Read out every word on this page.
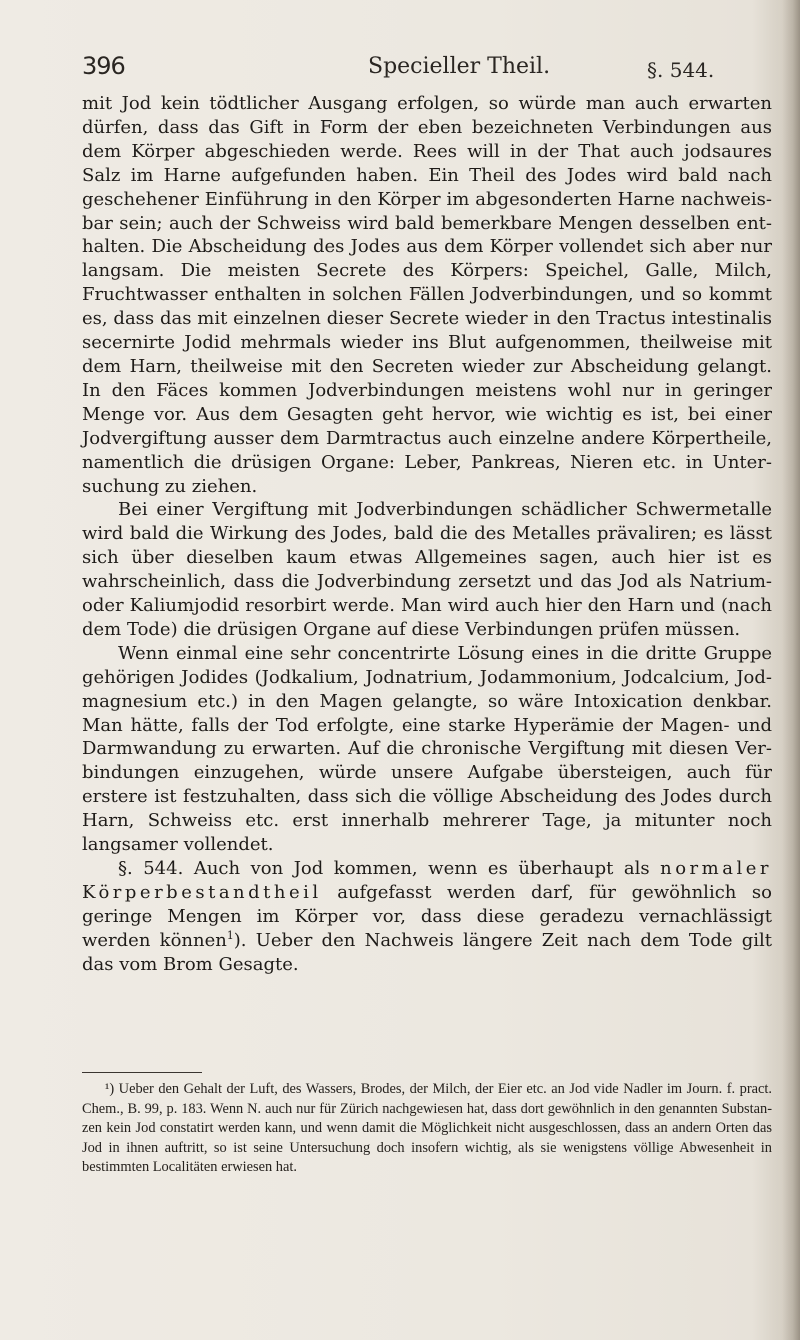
396	Specieller Theil.	§. 544.

mit Jod kein tödtlicher Ausgang erfolgen, so würde man auch erwarten dürfen, dass das Gift in Form der eben bezeichneten Verbindungen aus dem Körper abgeschieden werde. Rees will in der That auch jodsaures Salz im Harne aufgefunden haben. Ein Theil des Jodes wird bald nach geschehener Einführung in den Körper im abgesonderten Harne nachweisbar sein; auch der Schweiss wird bald bemerkbare Mengen desselben enthalten. Die Abscheidung des Jodes aus dem Körper vollendet sich aber nur langsam. Die meisten Secrete des Körpers: Speichel, Galle, Milch, Fruchtwasser enthalten in solchen Fällen Jodverbindungen, und so kommt es, dass das mit einzelnen dieser Secrete wieder in den Tractus intestinalis secernirte Jodid mehrmals wieder ins Blut aufgenommen, theilweise mit dem Harn, theilweise mit den Secreten wieder zur Abscheidung gelangt. In den Fäces kommen Jodverbindungen meistens wohl nur in geringer Menge vor. Aus dem Gesagten geht hervor, wie wichtig es ist, bei einer Jodvergiftung ausser dem Darmtractus auch einzelne andere Körpertheile, namentlich die drüsigen Organe: Leber, Pankreas, Nieren etc. in Untersuchung zu ziehen.

Bei einer Vergiftung mit Jodverbindungen schädlicher Schwermetalle wird bald die Wirkung des Jodes, bald die des Metalles prävaliren; es lässt sich über dieselben kaum etwas Allgemeines sagen, auch hier ist es wahrscheinlich, dass die Jodverbindung zersetzt und das Jod als Natrium- oder Kaliumjodid resorbirt werde. Man wird auch hier den Harn und (nach dem Tode) die drüsigen Organe auf diese Verbindungen prüfen müssen.

Wenn einmal eine sehr concentrirte Lösung eines in die dritte Gruppe gehörigen Jodides (Jodkalium, Jodnatrium, Jodammonium, Jodcalcium, Jodmagnesium etc.) in den Magen gelangte, so wäre Intoxication denkbar. Man hätte, falls der Tod erfolgte, eine starke Hyperämie der Magen- und Darmwandung zu erwarten. Auf die chronische Vergiftung mit diesen Verbindungen einzugehen, würde unsere Aufgabe übersteigen, auch für erstere ist festzuhalten, dass sich die völlige Abscheidung des Jodes durch Harn, Schweiss etc. erst innerhalb mehrerer Tage, ja mitunter noch langsamer vollendet.

§. 544. Auch von Jod kommen, wenn es überhaupt als normaler Körperbestandtheil aufgefasst werden darf, für gewöhnlich so geringe Mengen im Körper vor, dass diese geradezu vernachlässigt werden können$^1$). Ueber den Nachweis längere Zeit nach dem Tode gilt das vom Brom Gesagte.

¹) Ueber den Gehalt der Luft, des Wassers, Brodes, der Milch, der Eier etc. an Jod vide Nadler im Journ. f. pract. Chem., B. 99, p. 183. Wenn N. auch nur für Zürich nachgewiesen hat, dass dort gewöhnlich in den genannten Substanzen kein Jod constatirt werden kann, und wenn damit die Möglichkeit nicht ausgeschlossen, dass an andern Orten das Jod in ihnen auftritt, so ist seine Untersuchung doch insofern wichtig, als sie wenigstens völlige Abwesenheit in bestimmten Localitäten erwiesen hat.
